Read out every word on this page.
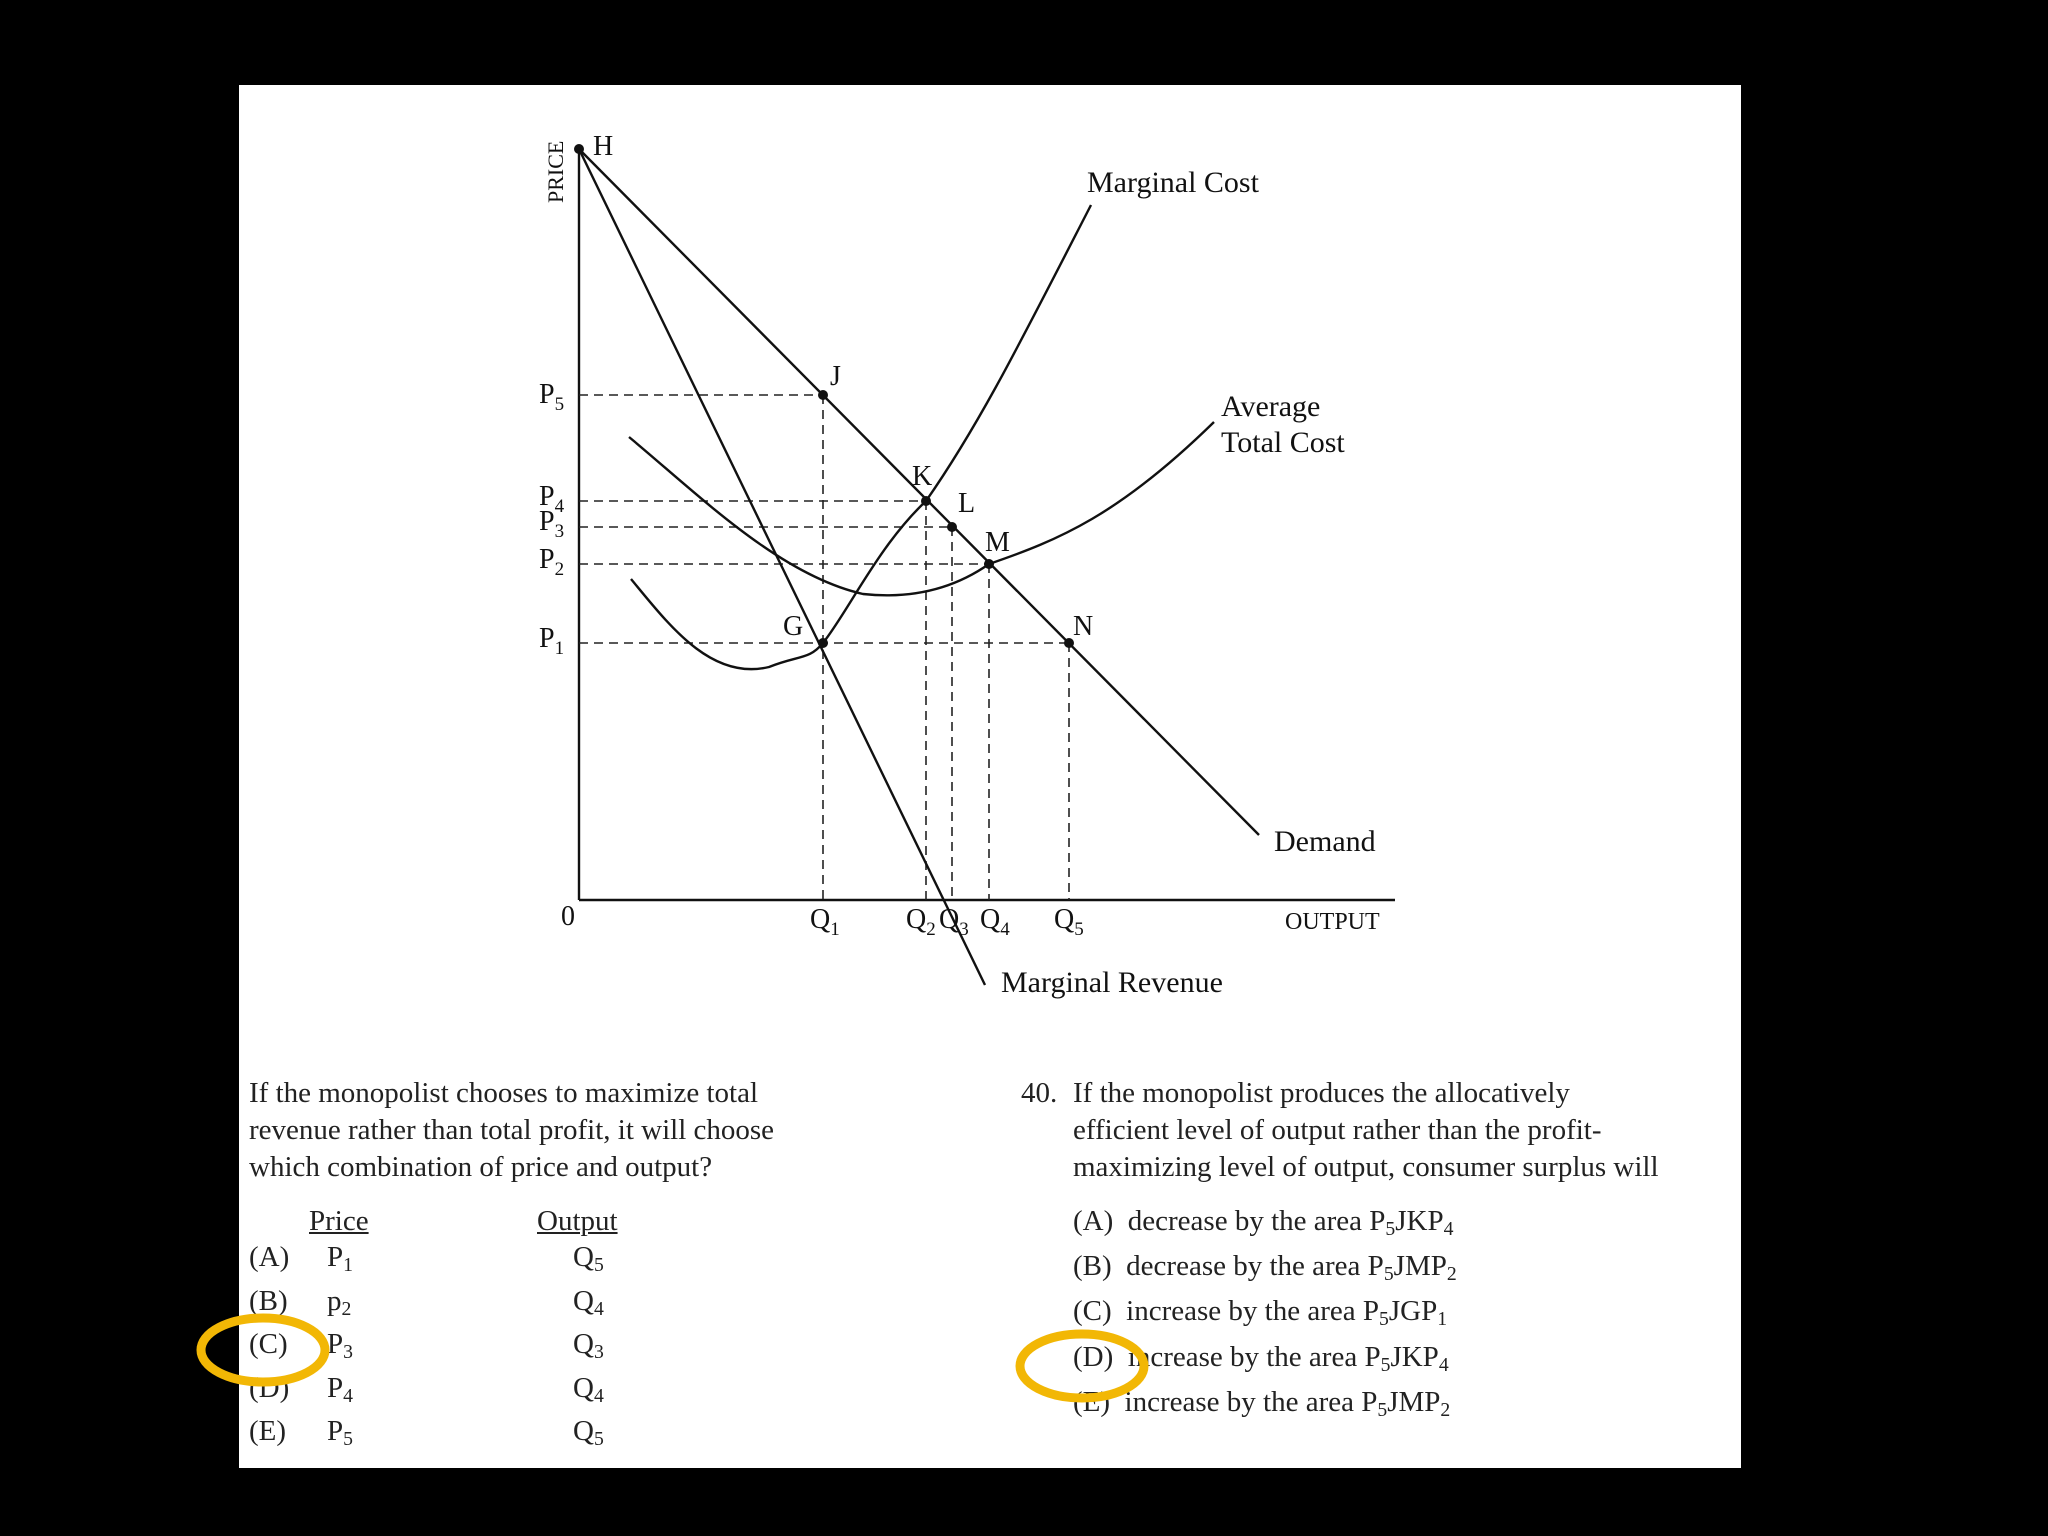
H
J
K
L
M
N
G
PRICE
OUTPUT
0
Marginal Cost
Average
Total Cost
Demand
Marginal Revenue
$P_5$
$P_4$
$P_3$
$P_2$
$P_1$
$Q_1$ $Q_2$ $Q_3$ $Q_4$ $Q_5$
If the monopolist chooses to maximize total
revenue rather than total profit, it will choose
which combination of price and output?
Price	Output
(A) $P_1$	$Q_5$
(B) $p_2$	$Q_4$
(C) $P_3$	$Q_3$
(D) $P_4$	$Q_4$
(E) $P_5$	$Q_5$
40. If the monopolist produces the allocatively
efficient level of output rather than the profit-
maximizing level of output, consumer surplus will
(A) decrease by the area $P_5JKP_4$
(B) decrease by the area $P_5JMP_2$
(C) increase by the area $P_5JGP_1$
(D) increase by the area $P_5JKP_4$
(E) increase by the area $P_5JMP_2$
